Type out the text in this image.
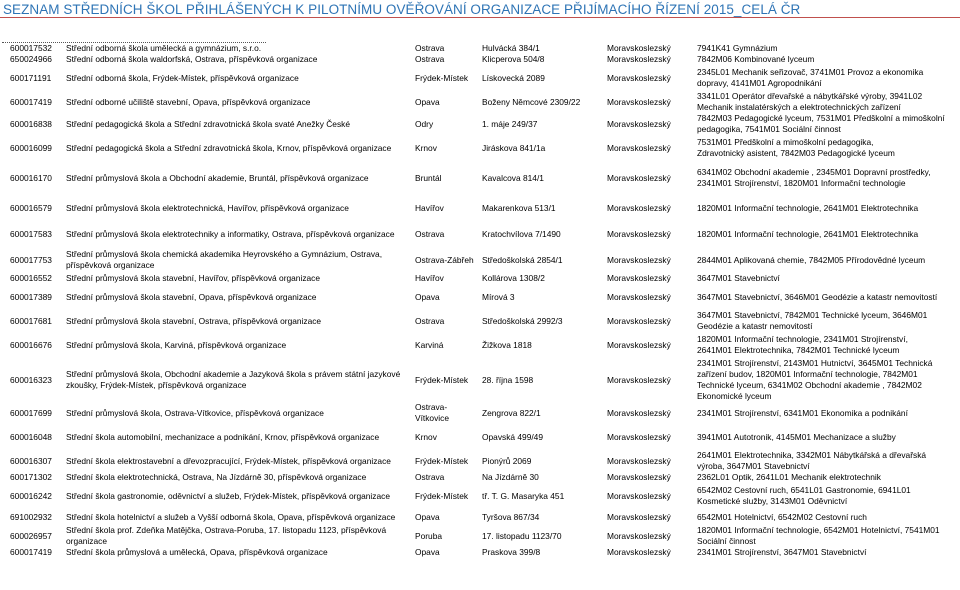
SEZNAM STŘEDNÍCH ŠKOL PŘIHLÁŠENÝCH K PILOTNÍMU OVĚŘOVÁNÍ ORGANIZACE PŘIJÍMACÍHO ŘÍZENÍ 2015_CELÁ ČR
600017532	Střední odborná škola umělecká a gymnázium, s.r.o.	Ostrava	Hulvácká 384/1	Moravskoslezský	7941K41 Gymnázium

650024966	Střední odborná škola waldorfská, Ostrava, příspěvková organizace	Ostrava	Klicperova 504/8	Moravskoslezský	7842M06 Kombinované lyceum

600171191	Střední odborná škola, Frýdek-Místek, příspěvková organizace	Frýdek-Místek	Lískovecká 2089	Moravskoslezský	2345L01 Mechanik seřizovač, 3741M01 Provoz a ekonomika
dopravy, 4141M01 Agropodnikání

600017419	Střední odborné učiliště stavební, Opava, příspěvková organizace	Opava	Boženy Němcové 2309/22	Moravskoslezský	3341L01 Operátor dřevařské a nábytkářské výroby, 3941L02
Mechanik instalatérských a elektrotechnických zařízení

600016838	Střední pedagogická škola a Střední zdravotnická škola svaté Anežky České	Odry	1. máje 249/37	Moravskoslezský	7842M03 Pedagogické lyceum, 7531M01 Předškolní a mimoškolní
pedagogika, 7541M01 Sociální činnost

600016099	Střední pedagogická škola a Střední zdravotnická škola, Krnov, příspěvková organizace	Krnov	Jiráskova 841/1a	Moravskoslezský	7531M01 Předškolní a mimoškolní pedagogika,
Zdravotnický asistent, 7842M03 Pedagogické lyceum

600016170	Střední průmyslová škola a Obchodní akademie, Bruntál, příspěvková organizace	Bruntál	Kavalcova 814/1	Moravskoslezský	6341M02 Obchodní akademie , 2345M01 Dopravní prostředky,
2341M01 Strojírenství, 1820M01 Informační technologie

600016579	Střední průmyslová škola elektrotechnická, Havířov, příspěvková organizace	Havířov	Makarenkova 513/1	Moravskoslezský	1820M01 Informační technologie, 2641M01 Elektrotechnika

600017583	Střední průmyslová škola elektrotechniky a informatiky, Ostrava, příspěvková organizace	Ostrava	Kratochvílova 7/1490	Moravskoslezský	1820M01 Informační technologie, 2641M01 Elektrotechnika

600017753	Střední průmyslová škola chemická akademika Heyrovského a Gymnázium, Ostrava, příspěvková organizace	Ostrava-Zábřeh	Středoškolská 2854/1	Moravskoslezský	2844M01 Aplikovaná chemie, 7842M05 Přírodovědné lyceum

600016552	Střední průmyslová škola stavební, Havířov, příspěvková organizace	Havířov	Kollárova 1308/2	Moravskoslezský	3647M01 Stavebnictví

600017389	Střední průmyslová škola stavební, Opava, příspěvková organizace	Opava	Mírová 3	Moravskoslezský	3647M01 Stavebnictví, 3646M01 Geodézie a katastr nemovitostí

600017681	Střední průmyslová škola stavební, Ostrava, příspěvková organizace	Ostrava	Středoškolská 2992/3	Moravskoslezský	3647M01 Stavebnictví, 7842M01 Technické lyceum, 3646M01
Geodézie a katastr nemovitostí

600016676	Střední průmyslová škola, Karviná, příspěvková organizace	Karviná	Žižkova 1818	Moravskoslezský	1820M01 Informační technologie, 2341M01 Strojírenství,
2641M01 Elektrotechnika, 7842M01 Technické lyceum

600016323	Střední průmyslová škola, Obchodní akademie a Jazyková škola s právem státní jazykové zkoušky, Frýdek-Místek, příspěvková organizace	Frýdek-Místek	28. října 1598	Moravskoslezský	2341M01 Strojírenství, 2143M01 Hutnictví, 3645M01 Technická
zařízení budov, 1820M01 Informační technologie, 7842M01
Technické lyceum, 6341M02 Obchodní akademie , 7842M02
Ekonomické lyceum

600017699	Střední průmyslová škola, Ostrava-Vítkovice, příspěvková organizace	Ostrava-Vítkovice	Zengrova 822/1	Moravskoslezský	2341M01 Strojírenství, 6341M01 Ekonomika a podnikání

600016048	Střední škola automobilní, mechanizace a podnikání, Krnov, příspěvková organizace	Krnov	Opavská 499/49	Moravskoslezský	3941M01 Autotronik, 4145M01 Mechanizace a služby

600016307	Střední škola elektrostavební a dřevozpracující, Frýdek-Místek, příspěvková organizace	Frýdek-Místek	Pionýrů 2069	Moravskoslezský	2641M01 Elektrotechnika, 3342M01 Nábytkářská a dřevařská
výroba, 3647M01 Stavebnictví

600171302	Střední škola elektrotechnická, Ostrava, Na Jízdárně 30, příspěvková organizace	Ostrava	Na Jízdárně 30	Moravskoslezský	2362L01 Optik, 2641L01 Mechanik elektrotechnik

600016242	Střední škola gastronomie, oděvnictví a služeb, Frýdek-Místek, příspěvková organizace	Frýdek-Místek	tř. T. G. Masaryka 451	Moravskoslezský	6542M02 Cestovní ruch, 6541L01 Gastronomie, 6941L01
Kosmetické služby, 3143M01 Oděvnictví

691002932	Střední škola hotelnictví a služeb a Vyšší odborná škola, Opava, příspěvková organizace	Opava	Tyršova 867/34	Moravskoslezský	6542M01 Hotelnictví, 6542M02 Cestovní ruch

600026957	Střední škola prof. Zdeňka Matějčka, Ostrava-Poruba, 17. listopadu 1123, příspěvková organizace	Poruba	17. listopadu 1123/70	Moravskoslezský	1820M01 Informační technologie, 6542M01 Hotelnictví, 7541M01
Sociální činnost

600017419	Střední škola průmyslová a umělecká, Opava, příspěvková organizace	Opava	Praskova 399/8	Moravskoslezský	2341M01 Strojírenství, 3647M01 Stavebnictví
